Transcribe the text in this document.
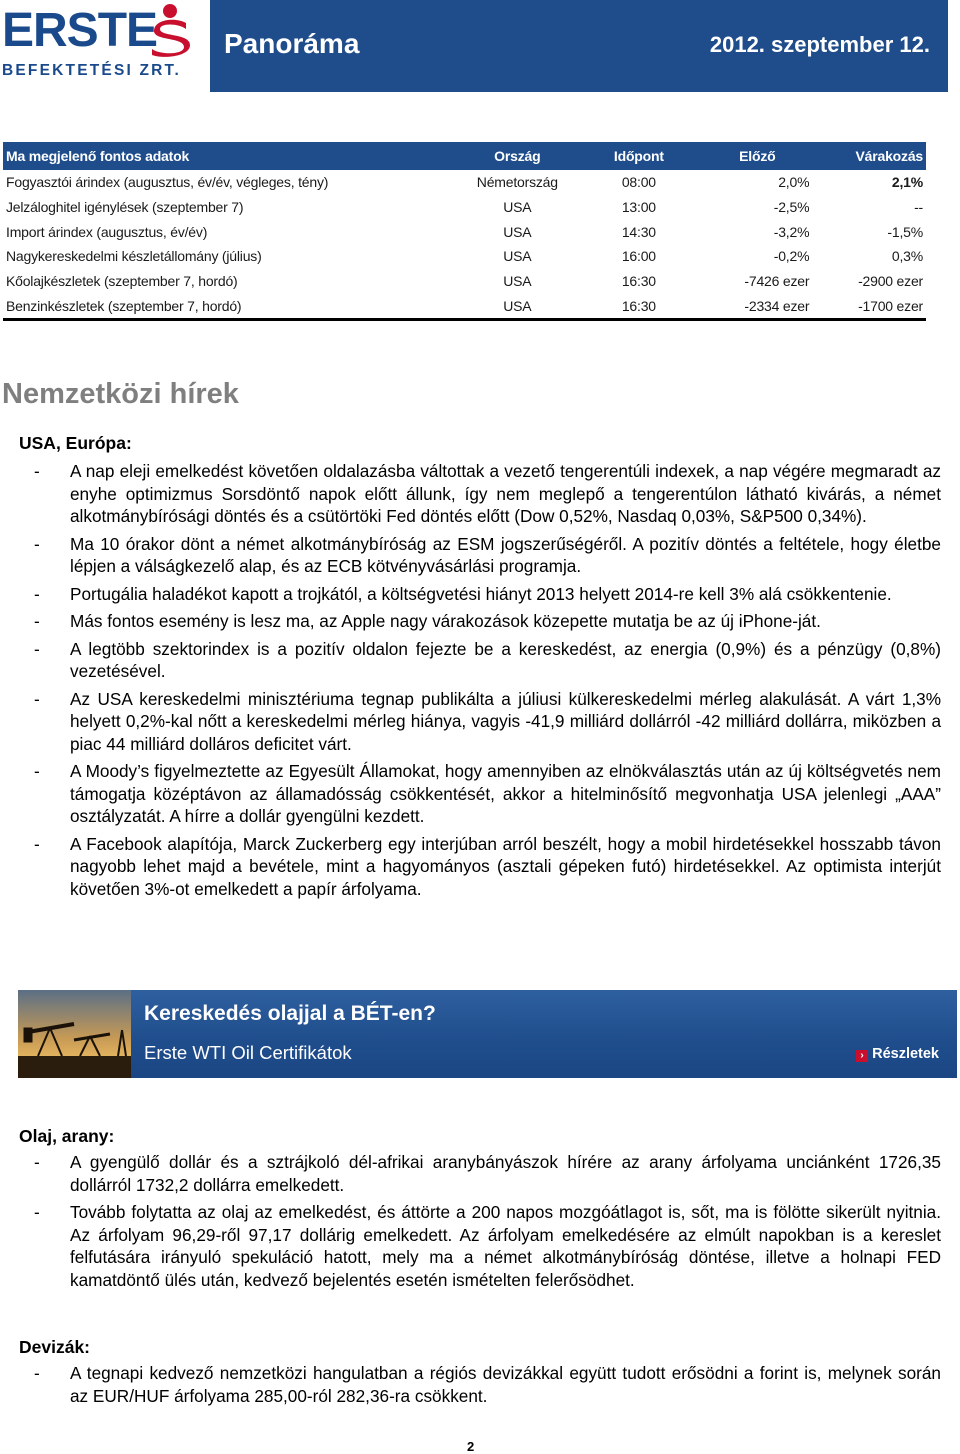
ERSTE
BEFEKTETÉSI ZRT.
Panoráma	2012. szeptember 12.
Ma megjelenő fontos adatok	Ország	Időpont	Előző	Várakozás
Fogyasztói árindex (augusztus, év/év, végleges, tény)	Németország	08:00	2,0%	2,1%
Jelzáloghitel igénylések (szeptember 7)	USA	13:00	-2,5%	--
Import árindex (augusztus, év/év)	USA	14:30	-3,2%	-1,5%
Nagykereskedelmi készletállomány (július)	USA	16:00	-0,2%	0,3%
Kőolajkészletek (szeptember 7, hordó)	USA	16:30	-7426 ezer	-2900 ezer
Benzinkészletek (szeptember 7, hordó)	USA	16:30	-2334 ezer	-1700 ezer
Nemzetközi hírek
USA, Európa:
- A nap eleji emelkedést követően oldalazásba váltottak a vezető tengerentúli indexek, a nap végére megmaradt az enyhe optimizmus Sorsdöntő napok előtt állunk, így nem meglepő a tengerentúlon látható kivárás, a német alkotmánybírósági döntés és a csütörtöki Fed döntés előtt (Dow 0,52%, Nasdaq 0,03%, S&P500 0,34%).
- Ma 10 órakor dönt a német alkotmánybíróság az ESM jogszerűségéről. A pozitív döntés a feltétele, hogy életbe lépjen a válságkezelő alap, és az ECB kötvényvásárlási programja.
- Portugália haladékot kapott a trojkától, a költségvetési hiányt 2013 helyett 2014-re kell 3% alá csökkentenie.
- Más fontos esemény is lesz ma, az Apple nagy várakozások közepette mutatja be az új iPhone-ját.
- A legtöbb szektorindex is a pozitív oldalon fejezte be a kereskedést, az energia (0,9%) és a pénzügy (0,8%) vezetésével.
- Az USA kereskedelmi minisztériuma tegnap publikálta a júliusi külkereskedelmi mérleg alakulását. A várt 1,3% helyett 0,2%-kal nőtt a kereskedelmi mérleg hiánya, vagyis -41,9 milliárd dollárról -42 milliárd dollárra, miközben a piac 44 milliárd dolláros deficitet várt.
- A Moody’s figyelmeztette az Egyesült Államokat, hogy amennyiben az elnökválasztás után az új költségvetés nem támogatja középtávon az államadósság csökkentését, akkor a hitelminősítő megvonhatja USA jelenlegi „AAA” osztályzatát. A hírre a dollár gyengülni kezdett.
- A Facebook alapítója, Marck Zuckerberg egy interjúban arról beszélt, hogy a mobil hirdetésekkel hosszabb távon nagyobb lehet majd a bevétele, mint a hagyományos (asztali gépeken futó) hirdetésekkel. Az optimista interjút követően 3%-ot emelkedett a papír árfolyama.
Kereskedés olajjal a BÉT-en?
Erste WTI Oil Certifikátok	› Részletek
Olaj, arany:
- A gyengülő dollár és a sztrájkoló dél-afrikai aranybányászok hírére az arany árfolyama unciánként 1726,35 dollárról 1732,2 dollárra emelkedett.
- Tovább folytatta az olaj az emelkedést, és áttörte a 200 napos mozgóátlagot is, sőt, ma is fölötte sikerült nyitnia. Az árfolyam 96,29-ről 97,17 dollárig emelkedett. Az árfolyam emelkedésére az elmúlt napokban is a kereslet felfutására irányuló spekuláció hatott, mely ma a német alkotmánybíróság döntése, illetve a holnapi FED kamatdöntő ülés után, kedvező bejelentés esetén ismételten felerősödhet.
Devizák:
- A tegnapi kedvező nemzetközi hangulatban a régiós devizákkal együtt tudott erősödni a forint is, melynek során az EUR/HUF árfolyama 285,00-ról 282,36-ra csökkent.
2
